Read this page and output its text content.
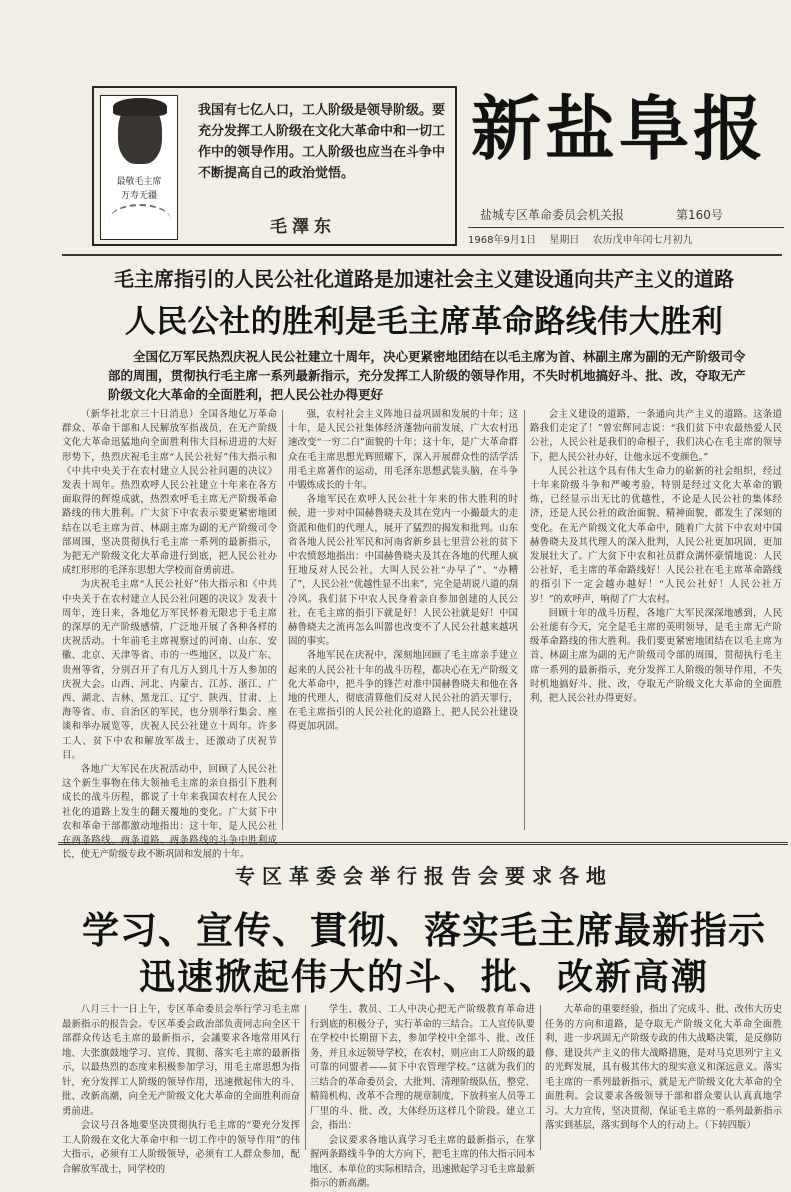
最敬毛主席
万寿无疆
我国有七亿人口，工人阶级是领导阶级。要充分发挥工人阶级在文化大革命中和一切工作中的领导作用。工人阶级也应当在斗争中不断提高自己的政治觉悟。
毛澤东
新盐阜报
盐城专区革命委员会机关报	第160号
1968年9月1日 星期日 农历戊申年闰七月初九
毛主席指引的人民公社化道路是加速社会主义建设通向共产主义的道路
人民公社的胜利是毛主席革命路线伟大胜利
全国亿万军民热烈庆祝人民公社建立十周年，决心更紧密地团结在以毛主席为首、林副主席为副的无产阶级司令部的周围，贯彻执行毛主席一系列最新指示，充分发挥工人阶级的领导作用，不失时机地搞好斗、批、改，夺取无产阶级文化大革命的全面胜利，把人民公社办得更好

（新华社北京三十日消息）全国各地亿万革命群众、革命干部和人民解放军指战员，在无产阶级文化大革命迅猛地向全面胜利伟大目标进进的大好形势下，热烈庆祝毛主席“人民公社好”伟大指示和《中共中央关于在农村建立人民公社问题的决议》发表十周年。热烈欢呼人民公社建立十年来在各方面取得的辉煌成就，热烈欢呼毛主席无产阶级革命路线的伟大胜利。广大贫下中农表示要更紧密地团结在以毛主席为首、林副主席为副的无产阶级司令部周围，坚决贯彻执行毛主席一系列的最新指示，为把无产阶级文化大革命进行到底，把人民公社办成红形形的毛泽东思想大学校而奋勇前进。

为庆祝毛主席“人民公社好”伟大指示和《中共中央关于在农村建立人民公社问题的决议》发表十周年，连日来，各地亿万军民怀着无限忠于毛主席的深厚的无产阶级感情，广泛地开展了各种各样的庆祝活动。十年前毛主席视察过的河南、山东、安徽、北京、天津等省、市的一些地区，以及广东、贵州等省，分别召开了有几万人到几十万人参加的庆祝大会。山西、河北、内蒙古、江苏、浙江、广西、湖北、吉林、黑龙江、辽宁、陕西、甘肃、上海等省、市、自治区的军民，也分别举行集会、座谈和举办展览等，庆祝人民公社建立十周年。许多工人、贫下中农和解放军战士，还激动了庆祝节目。

各地广大军民在庆祝活动中，回顾了人民公社这个新生事物在伟大领袖毛主席的亲自指引下胜利成长的战斗历程，都说了十年来我国农村在人民公社化的道路上发生的翻天覆地的变化。广大贫下中农和革命干部都激动地指出：这十年，是人民公社在两条路线、两条道路、两条路线的斗争中胜利成长，使无产阶级专政不断巩固和发展的十年。

强，农村社会主义阵地日益巩固和发展的十年；这十年，是人民公社集体经济蓬勃向前发展，广大农村迅速改变“一穷二白”面貌的十年；这十年，是广大革命群众在毛主席思想光辉照耀下，深入开展群众性的活学活用毛主席著作的运动，用毛泽东思想武装头脑，在斗争中锻炼成长的十年。

各地军民在欢呼人民公社十年来的伟大胜利的时候，进一步对中国赫鲁晓夫及其在党内一小撮最大的走资派和他们的代理人，展开了猛烈的揭发和批判。山东省各地人民公社军民和河南省新乡县七里营公社的贫下中农愤怒地指出：中国赫鲁晓夫及其在各地的代理人疯狂地反对人民公社，大叫人民公社“办早了”、“办糟了”，人民公社“优越性显不出来”，完全是胡说八道的刮冷风。我们贫下中农人民身着亲自参加创建的人民公社，在毛主席的指引下就是好！人民公社就是好！中国赫鲁晓夫之流再怎么叫嚣也改变不了人民公社越来越巩固的事实。

各地军民在庆祝中，深刻地回顾了毛主席亲手建立起来的人民公社十年的战斗历程，都决心在无产阶级文化大革命中，把斗争的锋芒对准中国赫鲁晓夫和他在各地的代理人，彻底清算他们反对人民公社的滔天罪行，在毛主席指引的人民公社化的道路上，把人民公社建设得更加巩固。

会主义建设的道路，一条通向共产主义的道路。这条道路我们走定了！”曾宏辉同志说：“我们贫下中农最热爱人民公社，人民公社是我们的命根子，我们决心在毛主席的领导下，把人民公社办好，让他永远不变颜色。”

人民公社这个具有伟大生命力的崭新的社会组织，经过十年来阶级斗争和严峻考验，特别是经过文化大革命的锻炼，已经显示出无比的优越性，不论是人民公社的集体经济，还是人民公社的政治面貌、精神面貌，都发生了深刻的变化。在无产阶级文化大革命中，随着广大贫下中农对中国赫鲁晓夫及其代理人的深入批判，人民公社更加巩固，更加发展壮大了。广大贫下中农和社员群众满怀豪情地说：人民公社好，毛主席的革命路线好！人民公社在毛主席革命路线的指引下一定会越办越好！“人民公社好！人民公社万岁！”的欢呼声，响彻了广大农村。

回顾十年的战斗历程，各地广大军民深深地感到，人民公社能有今天，完全是毛主席的英明领导，是毛主席无产阶级革命路线的伟大胜利。我们要更紧密地团结在以毛主席为首、林副主席为副的无产阶级司令部的周围，贯彻执行毛主席一系列的最新指示，充分发挥工人阶级的领导作用，不失时机地搞好斗、批、改，夺取无产阶级文化大革命的全面胜利，把人民公社办得更好。

专区革委会举行报告会要求各地
学习、宣传、貫彻、落实毛主席最新指示
迅速掀起伟大的斗、批、改新高潮

八月三十一日上午，专区革命委员会举行学习毛主席最新指示的报告会。专区革委会政治部负责同志向全区干部群众传达毛主席的最新指示，会議要求各地常用风行地、大张旗鼓地学习、宣传、貫彻、落实毛主席的最新指示，以最热烈的态度来积极参加学习，用毛主席思想为指针，充分发挥工人阶级的领导作用，迅速掀起伟大的斗、批、改新高潮，向全无产阶级文化大革命的全面胜利而奋勇前进。

会议号召各地要坚决贯彻执行毛主席的“要充分发挥工人阶级在文化大革命中和一切工作中的领导作用”的伟大指示，必须有工人阶级领导，必须有工人群众参加，配合解放军战士，同学校的

学生、教员、工人中决心把无产阶级教育革命进行到底的积极分子，实行革命的三结合。工人宣传队要在学校中长期留下去，参加学校中全部斗、批、改任务，并且永远领导学校，在农村，则应由工人阶级的最可靠的同盟者——贫下中农管理学校。”这就为我们的三结合的革命委员会，大批判、清理阶级队伍，整党、精简机构、改革不合理的规章制度，下放科室人员等工厂里的斗、批、改，大体经历这样几个阶段。建立工会，指出：

会议要求各地认真学习毛主席的最新指示，在掌握两条路线斗争的大方向下，把毛主席的伟大指示同本地区、本单位的实际相结合，迅速掀起学习毛主席最新指示的新高潮。

大革命的重要经验，指出了完成斗、批、改伟大历史任务的方向和道路，是夺取无产阶级文化大革命全面胜利，进一步巩固无产阶级专政的伟大战略决策，是反修防修、建设共产主义的伟大战略措施，是对马克思列宁主义的光辉发展，具有极其伟大的现实意义和深远意义。落实毛主席的一系列最新指示，就是无产阶级文化大革命的全面胜利。会议要求各级领导干部和群众要认认真真地学习。大力宣传，坚决贯彻，保证毛主席的一系列最新指示落实到基层，落实到每个人的行动上。（下转四版）
